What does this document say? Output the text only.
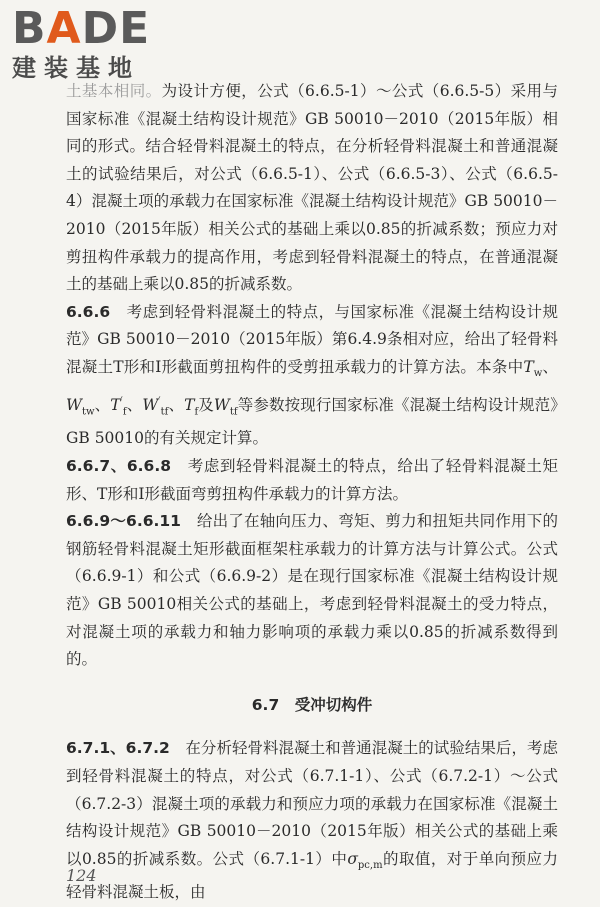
BADE
建装基地

土基本相同。为设计方便，公式（6.6.5-1）～公式（6.6.5-5）采用与国家标准《混凝土结构设计规范》GB 50010－2010（2015年版）相同的形式。结合轻骨料混凝土的特点，在分析轻骨料混凝土和普通混凝土的试验结果后，对公式（6.6.5-1）、公式（6.6.5-3）、公式（6.6.5-4）混凝土项的承载力在国家标准《混凝土结构设计规范》GB 50010－2010（2015年版）相关公式的基础上乘以0.85的折减系数；预应力对剪扭构件承载力的提高作用，考虑到轻骨料混凝土的特点，在普通混凝土的基础上乘以0.85的折减系数。

6.6.6　 考虑到轻骨料混凝土的特点，与国家标准《混凝土结构设计规范》GB 50010－2010（2015年版）第6.4.9条相对应，给出了轻骨料混凝土T形和I形截面剪扭构件的受剪扭承载力的计算方法。本条中$T_w$、$W_{tw}$、$T'_f$、$W'_{tf}$、$T_f$及$W_{tf}$等参数按现行国家标准《混凝土结构设计规范》GB 50010的有关规定计算。

6.6.7、6.6.8　 考虑到轻骨料混凝土的特点，给出了轻骨料混凝土矩形、T形和I形截面弯剪扭构件承载力的计算方法。

6.6.9～6.6.11　 给出了在轴向压力、弯矩、剪力和扭矩共同作用下的钢筋轻骨料混凝土矩形截面框架柱承载力的计算方法与计算公式。公式（6.6.9-1）和公式（6.6.9-2）是在现行国家标准《混凝土结构设计规范》GB 50010相关公式的基础上，考虑到轻骨料混凝土的受力特点，对混凝土项的承载力和轴力影响项的承载力乘以0.85的折减系数得到的。

6.7　受冲切构件

6.7.1、6.7.2　 在分析轻骨料混凝土和普通混凝土的试验结果后，考虑到轻骨料混凝土的特点，对公式（6.7.1-1）、公式（6.7.2-1）～公式（6.7.2-3）混凝土项的承载力和预应力项的承载力在国家标准《混凝土结构设计规范》GB 50010－2010（2015年版）相关公式的基础上乘以0.85的折减系数。公式（6.7.1-1）中$\sigma_{pc,m}$的取值，对于单向预应力轻骨料混凝土板，由

124
